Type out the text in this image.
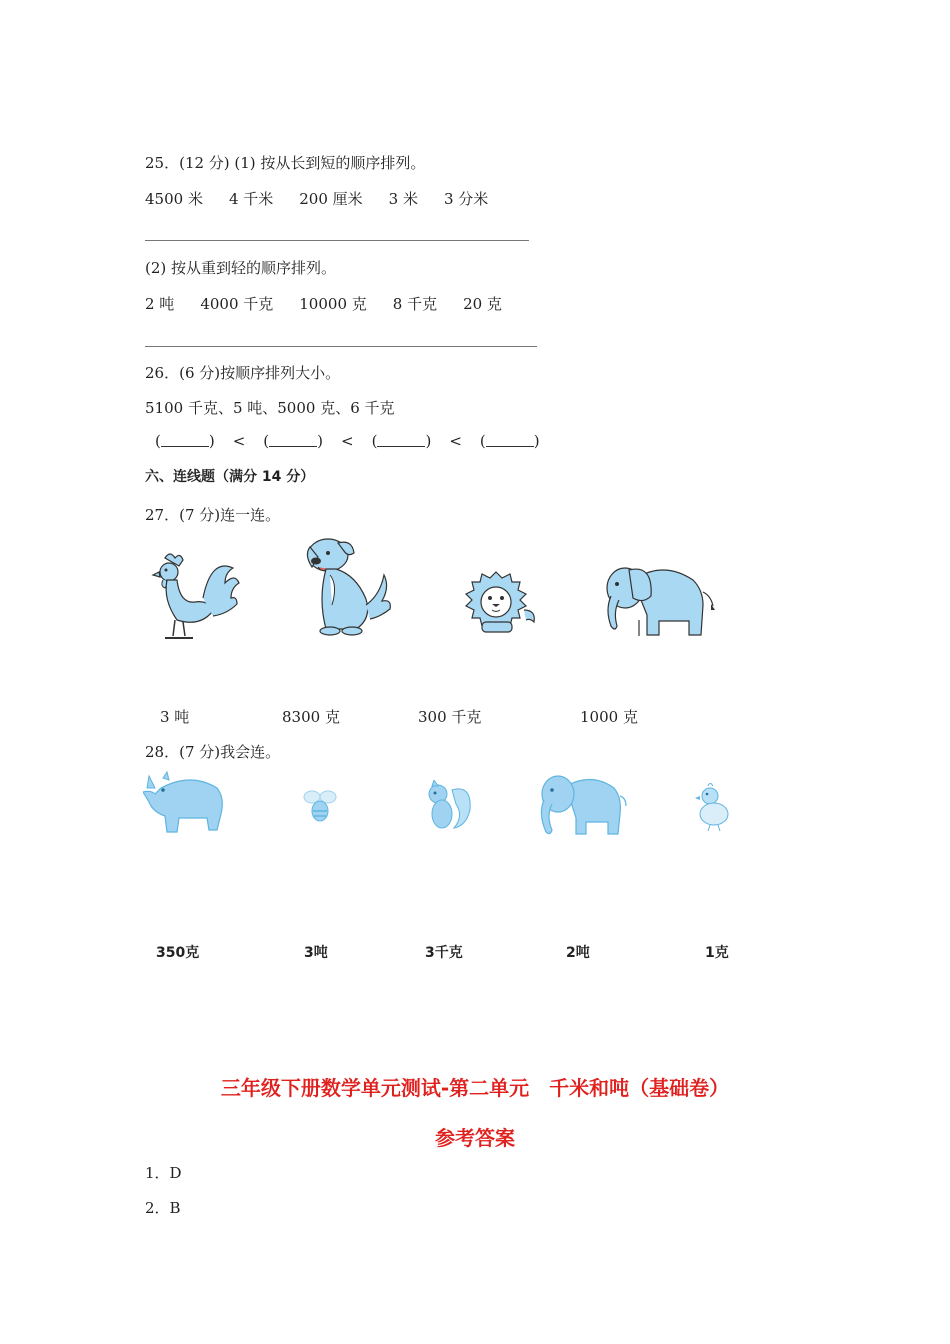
25．(12 分) (1) 按从长到短的顺序排列。
4500 米 4 千米 200 厘米 3 米 3 分米
(2) 按从重到轻的顺序排列。
2 吨 4000 千克 10000 克 8 千克 20 克
26．(6 分)按顺序排列大小。
5100 千克、5 吨、5000 克、6 千克
(	) < (	) < (	) < (	)
六、连线题（满分 14 分）
27．(7 分)连一连。
3 吨	8300 克	300 千克	1000 克
28．(7 分)我会连。
350克	3吨	3千克	2吨	1克
三年级下册数学单元测试-第二单元　千米和吨（基础卷）
参考答案
1．D
2．B
